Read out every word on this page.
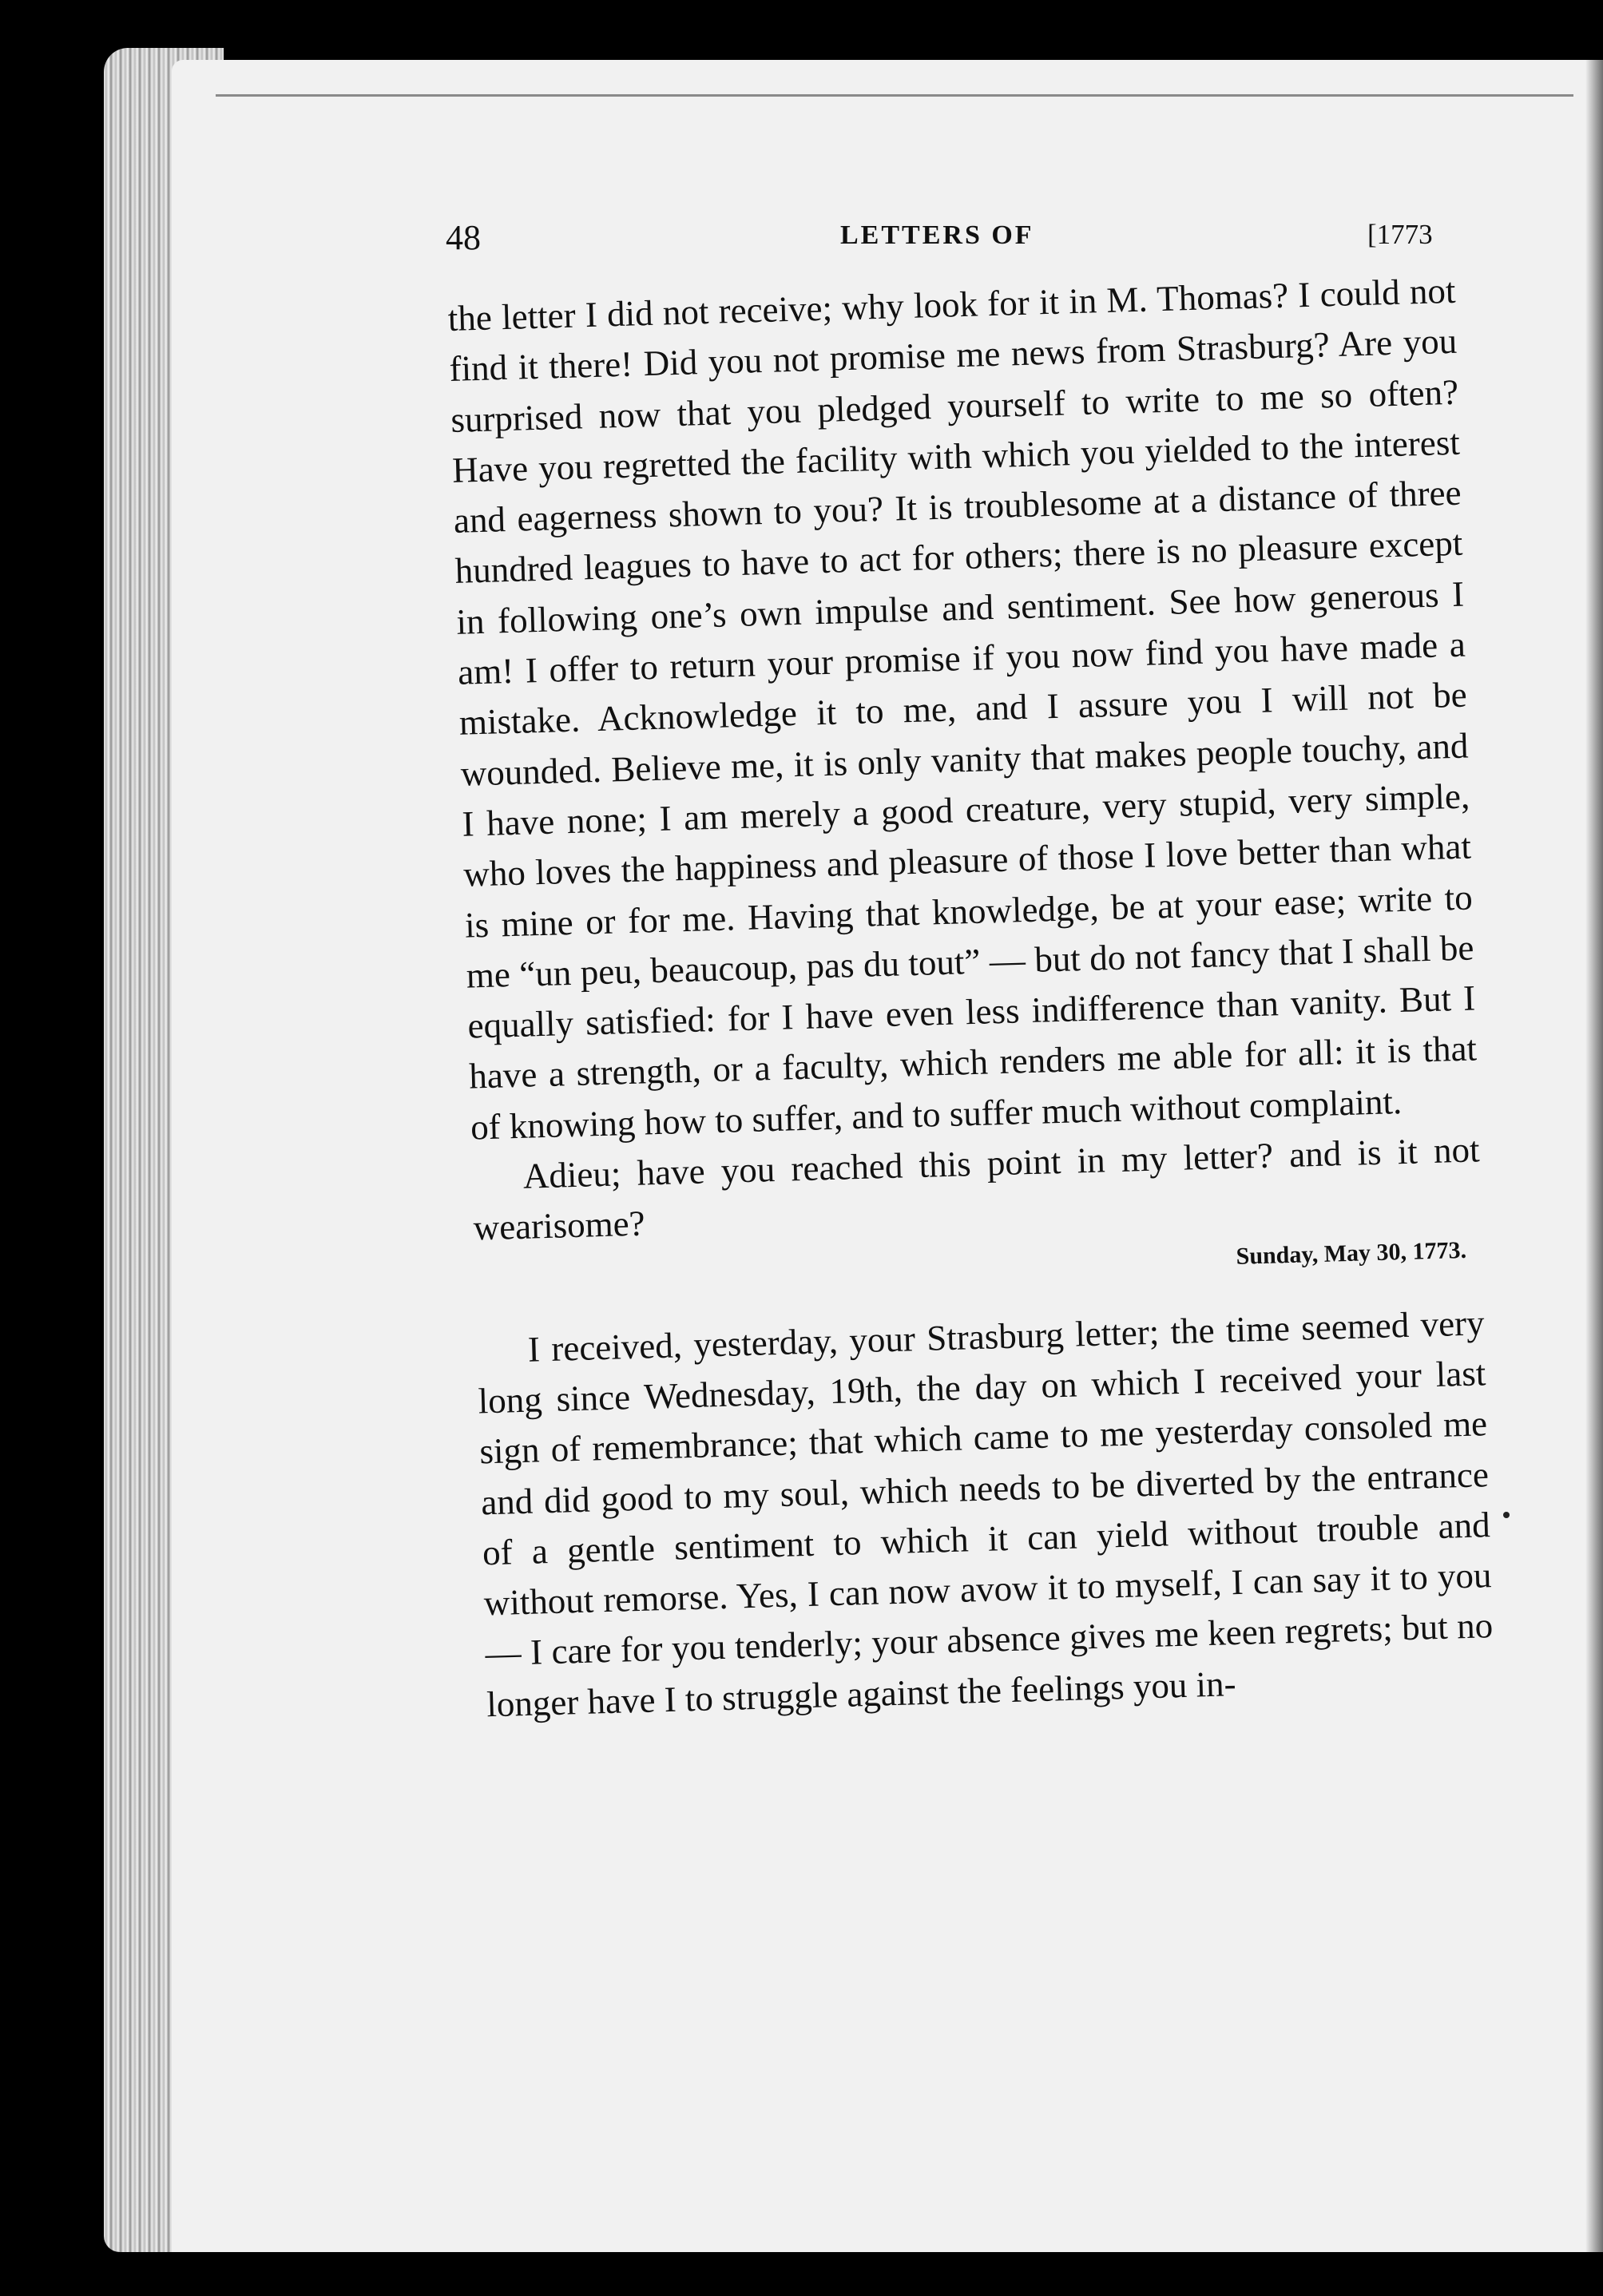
48	LETTERS OF	[1773

the letter I did not receive; why look for it in M. Thomas? I could not find it there! Did you not promise me news from Strasburg? Are you surprised now that you pledged yourself to write to me so often? Have you regretted the facility with which you yielded to the interest and eagerness shown to you? It is troublesome at a distance of three hundred leagues to have to act for others; there is no pleasure except in following one’s own impulse and sentiment. See how generous I am! I offer to return your promise if you now find you have made a mistake. Acknowledge it to me, and I assure you I will not be wounded. Believe me, it is only vanity that makes people touchy, and I have none; I am merely a good creature, very stupid, very simple, who loves the happiness and pleasure of those I love better than what is mine or for me. Having that knowledge, be at your ease; write to me “un peu, beaucoup, pas du tout” — but do not fancy that I shall be equally satisfied: for I have even less indifference than vanity. But I have a strength, or a faculty, which renders me able for all: it is that of knowing how to suffer, and to suffer much without complaint.

Adieu; have you reached this point in my letter? and is it not wearisome?

Sunday, May 30, 1773.

I received, yesterday, your Strasburg letter; the time seemed very long since Wednesday, 19th, the day on which I received your last sign of remembrance; that which came to me yesterday consoled me and did good to my soul, which needs to be diverted by the entrance of a gentle sentiment to which it can yield without trouble and without remorse. Yes, I can now avow it to myself, I can say it to you — I care for you tenderly; your absence gives me keen regrets; but no longer have I to struggle against the feelings you in-
